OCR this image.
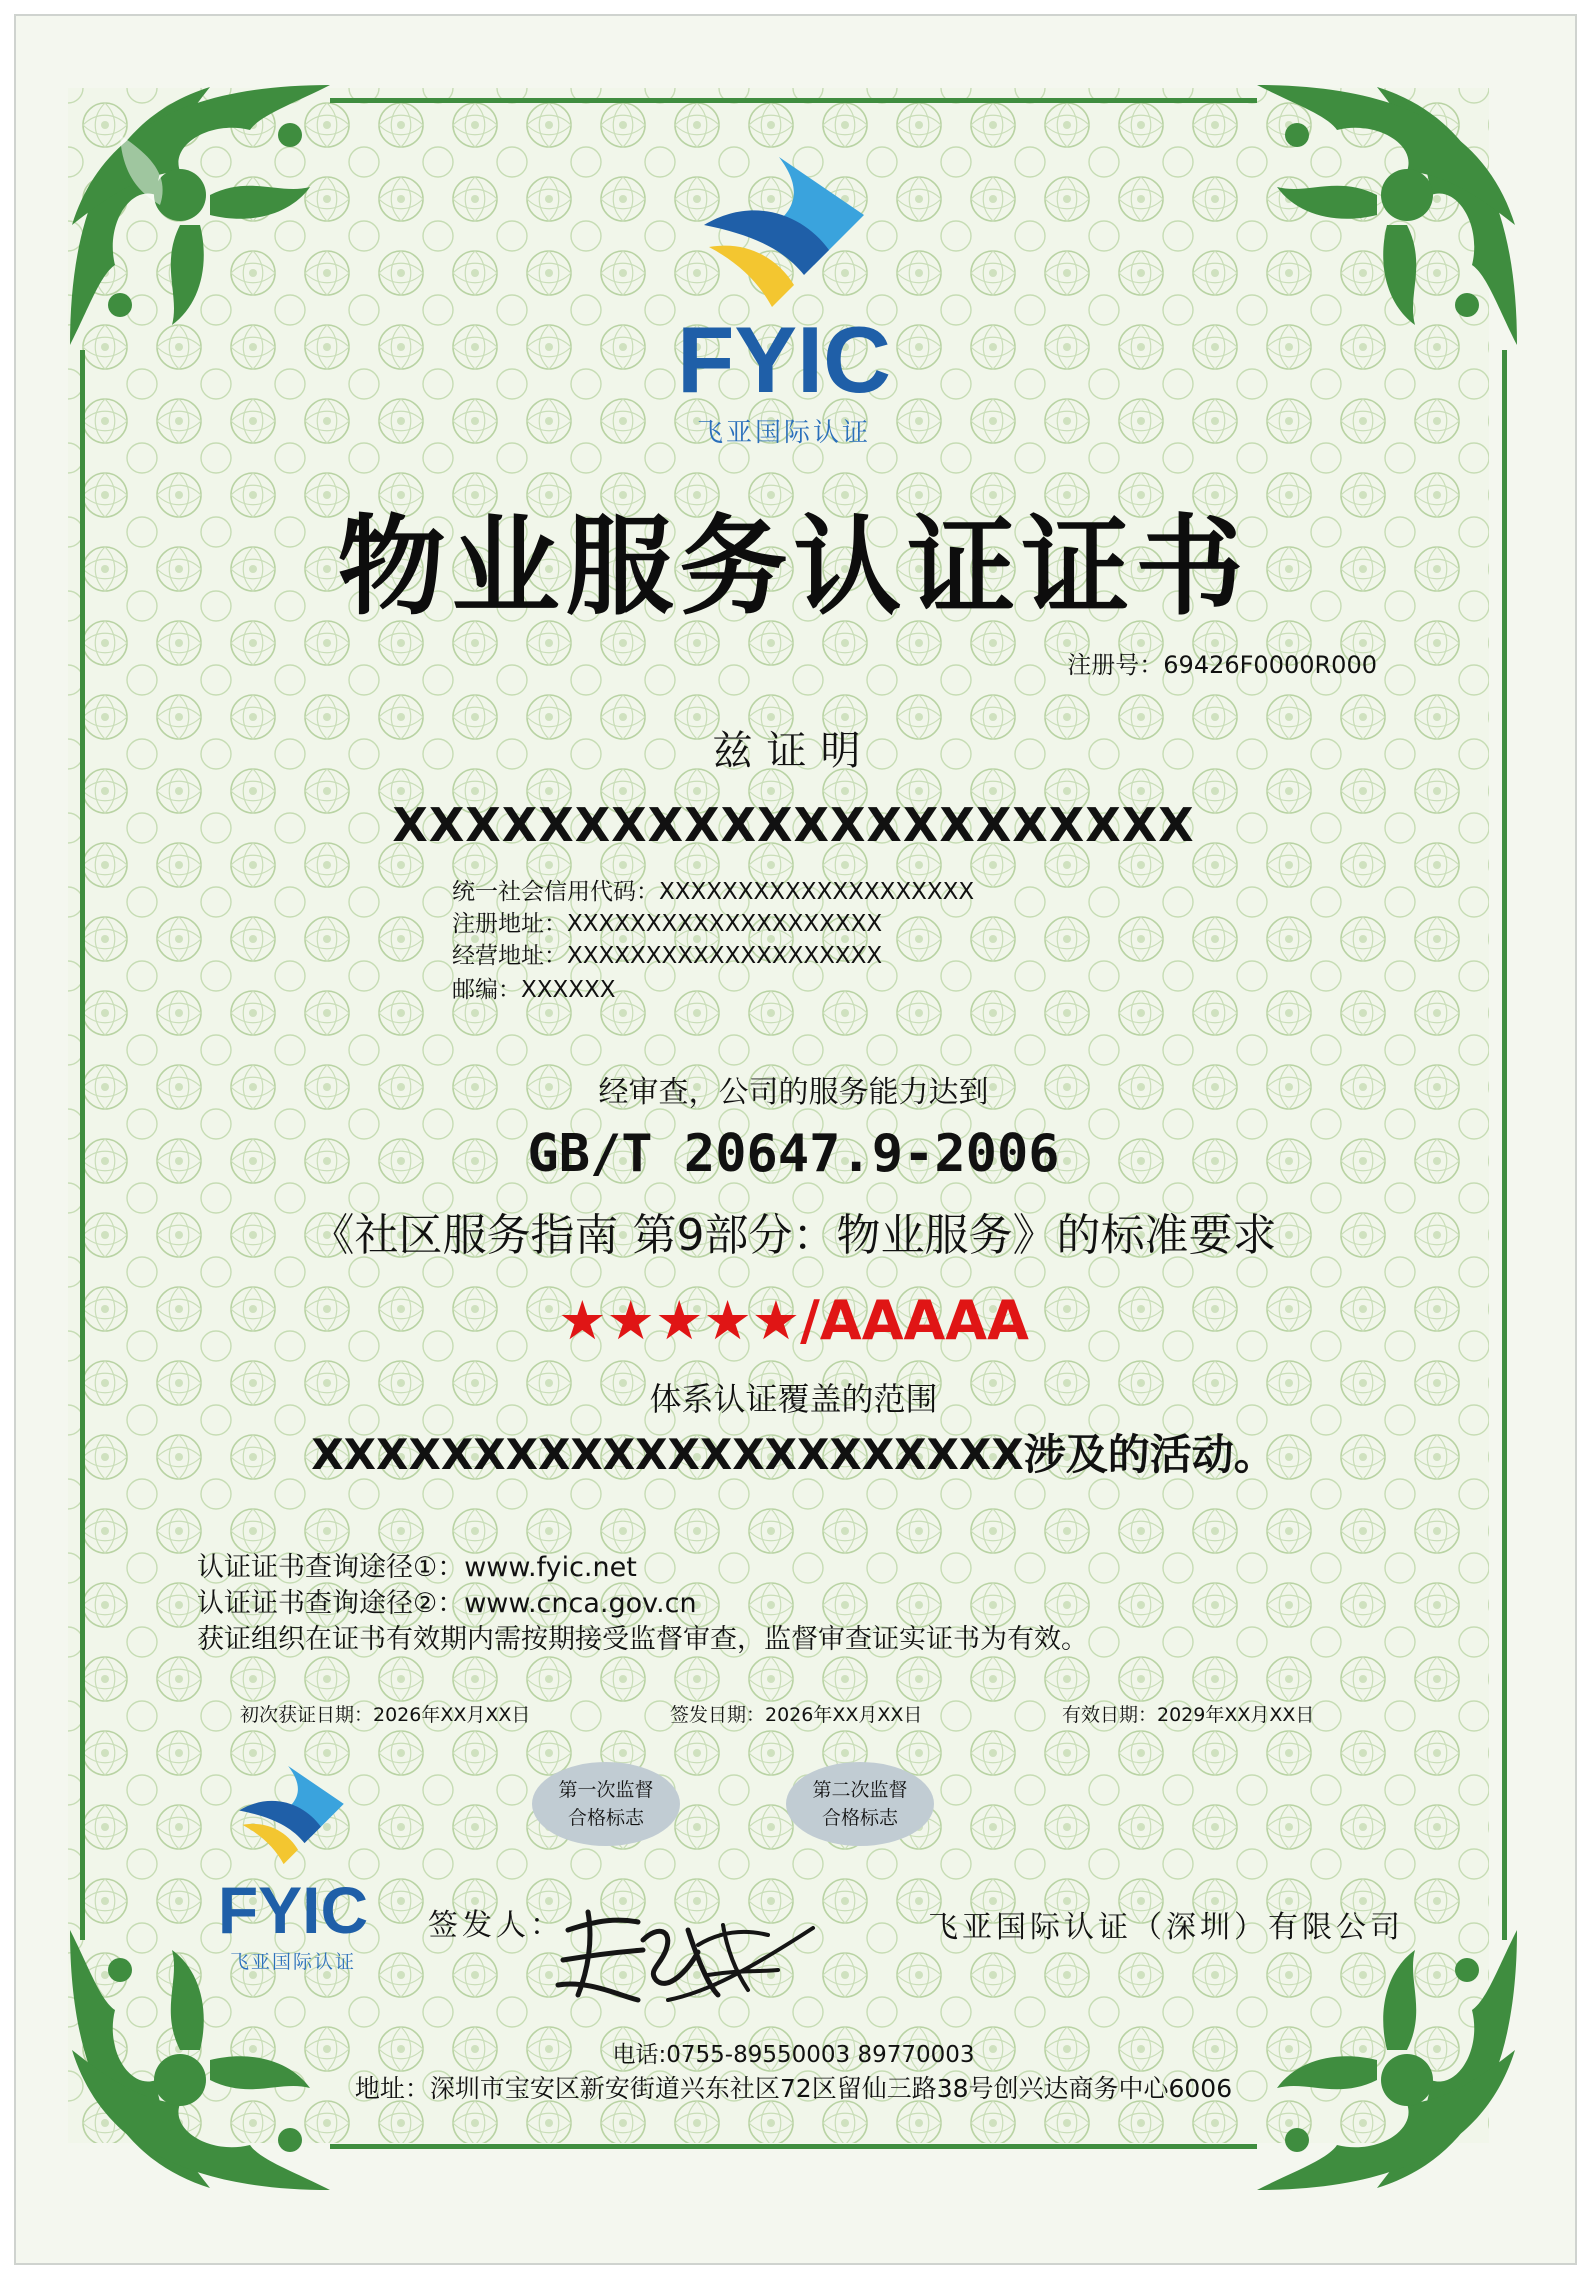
FYIC
飞亚国际认证
物业服务认证证书
注册号：69426F0000R000
兹证明
XXXXXXXXXXXXXXXXXXXXXX
统一社会信用代码：XXXXXXXXXXXXXXXXXXXX
注册地址：XXXXXXXXXXXXXXXXXXXX
经营地址：XXXXXXXXXXXXXXXXXXXX
邮编：XXXXXX
经审查，公司的服务能力达到
GB/T 20647.9-2006
《社区服务指南 第9部分：物业服务》的标准要求
★★★★★/AAAAA
体系认证覆盖的范围
XXXXXXXXXXXXXXXXXXXXXX涉及的活动。
认证证书查询途径①：www.fyic.net
认证证书查询途径②：www.cnca.gov.cn
获证组织在证书有效期内需按期接受监督审查，监督审查证实证书为有效。
初次获证日期：2026年XX月XX日	签发日期：2026年XX月XX日	有效日期：2029年XX月XX日
第一次监督
合格标志
第二次监督
合格标志
FYIC
飞亚国际认证
签发人：	飞亚国际认证（深圳）有限公司
电话:0755-89550003 89770003
地址：深圳市宝安区新安街道兴东社区72区留仙三路38号创兴达商务中心6006
